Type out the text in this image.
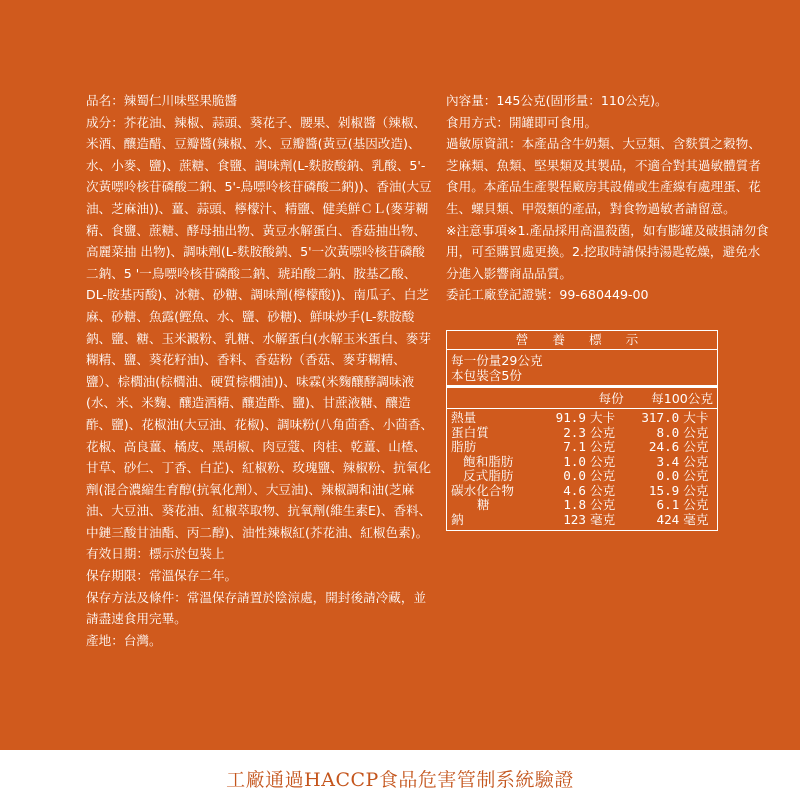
品名：辣蜀仁川味堅果脆醬

成分：芥花油、辣椒、蒜頭、葵花子、腰果、剁椒醬（辣椒、米酒、釀造醋、豆瓣醬(辣椒、水、豆瓣醬(黃豆(基因改造)、水、小麥、鹽)、蔗糖、食鹽、調味劑(L-麩胺酸鈉、乳酸、5'-次黃嘌呤核苷磷酸二鈉、5'-鳥嘌呤核苷磷酸二鈉))、香油(大豆油、芝麻油))、薑、蒜頭、檸檬汁、精鹽、健美鮮ＣＬ(麥芽糊精、食鹽、蔗糖、酵母抽出物、黃豆水解蛋白、香菇抽出物、高麗菜抽 出物)、調味劑(L-麩胺酸鈉、5'一次黃嘌呤核苷磷酸二鈉、5 '一鳥嘌呤核苷磷酸二鈉、琥珀酸二鈉、胺基乙酸、DL-胺基丙酸)、冰糖、砂糖、調味劑(檸檬酸))、南瓜子、白芝麻、砂糖、魚露(鰹魚、水、鹽、砂糖)、鮮味炒手(L-麩胺酸鈉、鹽、糖、玉米澱粉、乳糖、水解蛋白(水解玉米蛋白、麥芽糊精、鹽、葵花籽油)、香料、香菇粉（香菇、麥芽糊精、鹽）、棕櫚油(棕櫚油、硬質棕櫚油))、味霖(米麴釀酵調味液(水、米、米麴、釀造酒精、釀造酢、鹽)、甘蔗液糖、釀造酢、鹽)、花椒油(大豆油、花椒)、調味粉(八角茴香、小茴香、花椒、高良薑、橘皮、黑胡椒、肉豆蔻、肉桂、乾薑、山楂、甘草、砂仁、丁香、白芷)、紅椒粉、玫瑰鹽、辣椒粉、抗氧化劑(混合濃縮生育醇(抗氧化劑）、大豆油)、辣椒調和油(芝麻油、大豆油、葵花油、紅椒萃取物、抗氧劑(維生素E)、香料、中鏈三酸甘油酯、丙二醇)、油性辣椒紅(芥花油、紅椒色素)。

有效日期：標示於包裝上

保存期限：常溫保存二年。

保存方法及條件：常溫保存請置於陰涼處，開封後請冷藏，並請盡速食用完畢。

產地：台灣。

內容量：145公克(固形量：110公克)。

食用方式：開罐即可食用。

過敏原資訊：本產品含牛奶類、大豆類、含麩質之穀物、芝麻類、魚類、堅果類及其製品，不適合對其過敏體質者食用。本產品生產製程廠房其設備或生產線有處理蛋、花生、螺貝類、甲殼類的產品，對食物過敏者請留意。

※注意事項※1.產品採用高溫殺菌，如有膨罐及破損請勿食用，可至購買處更換。2.挖取時請保持湯匙乾燥，避免水分進入影響商品品質。

委託工廠登記證號：99-680449-00

營 養 標 示
每一份量29公克
本包裝含5份
每份	每100公克
熱量	91.9 大卡	317.0 大卡
蛋白質	2.3 公克	8.0 公克
脂肪	7.1 公克	24.6 公克
飽和脂肪	1.0 公克	3.4 公克
反式脂肪	0.0 公克	0.0 公克
碳水化合物	4.6 公克	15.9 公克
糖	1.8 公克	6.1 公克
鈉	123 毫克	424 毫克
工廠通過HACCP食品危害管制系統驗證
